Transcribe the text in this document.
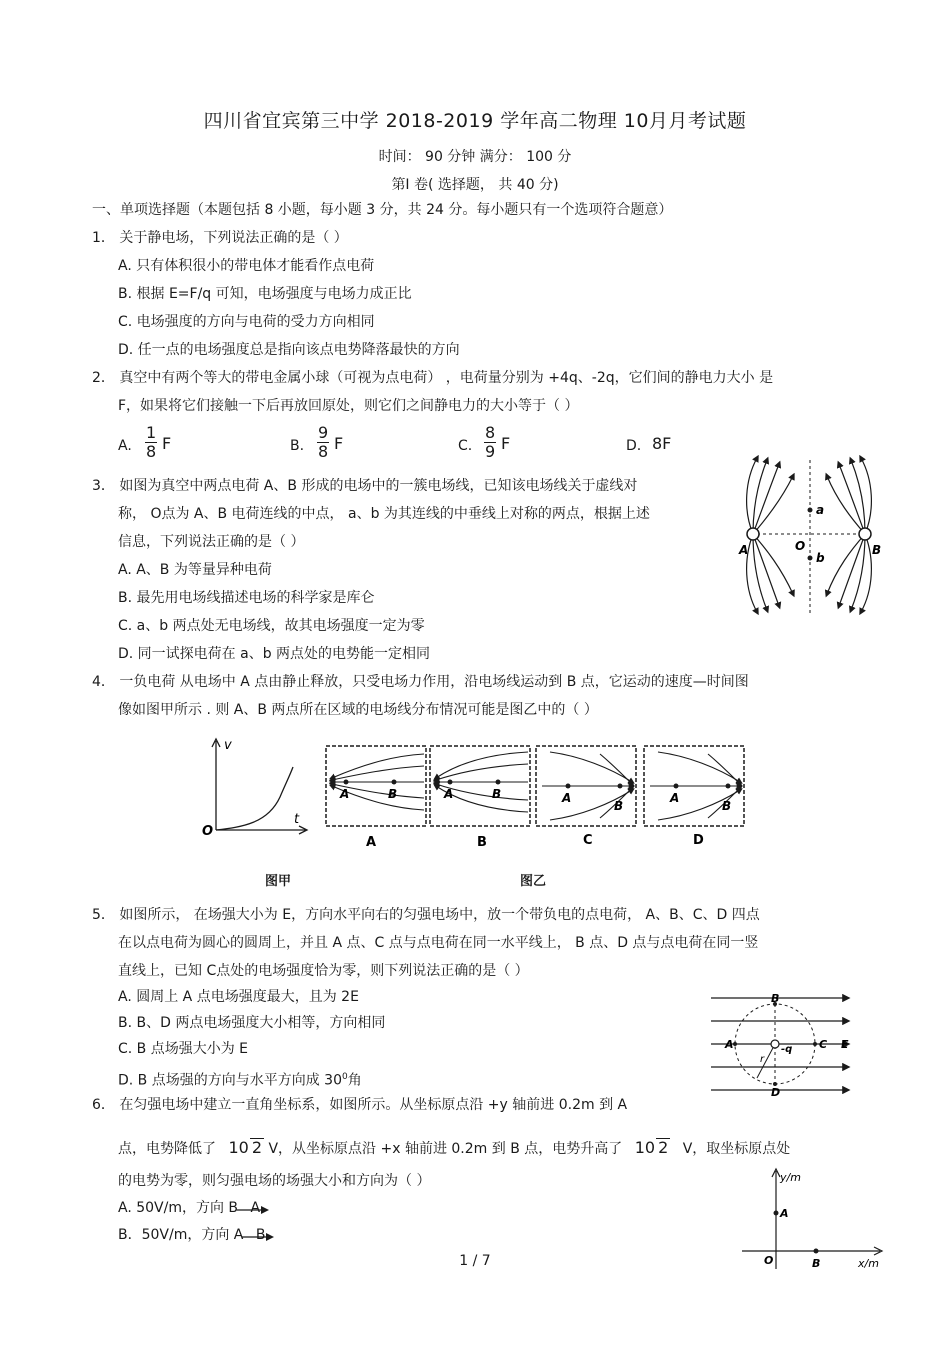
四川省宜宾第三中学 2018-2019 学年高二物理 10月月考试题
时间： 90 分钟 满分： 100 分
第Ⅰ 卷( 选择题， 共 40 分)
一、单项选择题（本题包括 8 小题，每小题 3 分，共 24 分。每小题只有一个选项符合题意）
1． 关于静电场，下列说法正确的是（ ）
A. 只有体积很小的带电体才能看作点电荷
B. 根据 E=F/q 可知，电场强度与电场力成正比
C. 电场强度的方向与电荷的受力方向相同
D. 任一点的电场强度总是指向该点电势降落最快的方向
2． 真空中有两个等大的带电金属小球（可视为点电荷） ，电荷量分别为 +4q、-2q，它们间的静电力大小 是
F，如果将它们接触一下后再放回原处，则它们之间静电力的大小等于（ ）
A. $\frac{1}{8}$ F	B. $\frac{9}{8}$ F	C. $\frac{8}{9}$ F	D. 8F
3． 如图为真空中两点电荷 A、B 形成的电场中的一簇电场线，已知该电场线关于虚线对
称， O点为 A、B 电荷连线的中点， a、b 为其连线的中垂线上对称的两点，根据上述
信息，下列说法正确的是（ ）
A. A、B 为等量异种电荷
B. 最先用电场线描述电场的科学家是库仑
C. a、b 两点处无电场线，故其电场强度一定为零
D. 同一试探电荷在 a、b 两点处的电势能一定相同
A	B
O
a
b
4． 一负电荷 从电场中 A 点由静止释放，只受电场力作用，沿电场线运动到 B 点，它运动的速度—时间图
像如图甲所示 . 则 A、B 两点所在区域的电场线分布情况可能是图乙中的（ ）
v
t
O
A	B
A
A	B
B
A
B
C
A
B
D
图甲	图乙
5． 如图所示， 在场强大小为 E，方向水平向右的匀强电场中，放一个带负电的点电荷， A、B、C、D 四点
在以点电荷为圆心的圆周上，并且 A 点、C 点与点电荷在同一水平线上， B 点、D 点与点电荷在同一竖
直线上，已知 C点处的电场强度恰为零，则下列说法正确的是（ ）
A. 圆周上 A 点电场强度最大，且为 2E
B. B、D 两点电场强度大小相等，方向相同
C. B 点场强大小为 E
D. B 点场强的方向与水平方向成 $30^0$角
B
D
A	C E
-q
r
6． 在匀强电场中建立一直角坐标系，如图所示。从坐标原点沿 +y 轴前进 0.2m 到 A
点，电势降低了 10 2 V，从坐标原点沿 +x 轴前进 0.2m 到 B 点，电势升高了 10 2 V，取坐标原点处
的电势为零，则匀强电场的场强大小和方向为（ ）
A. 50V/m，方向 B A
B．50V/m，方向 A B
y/m
x/m
O
A
B
1 / 7
